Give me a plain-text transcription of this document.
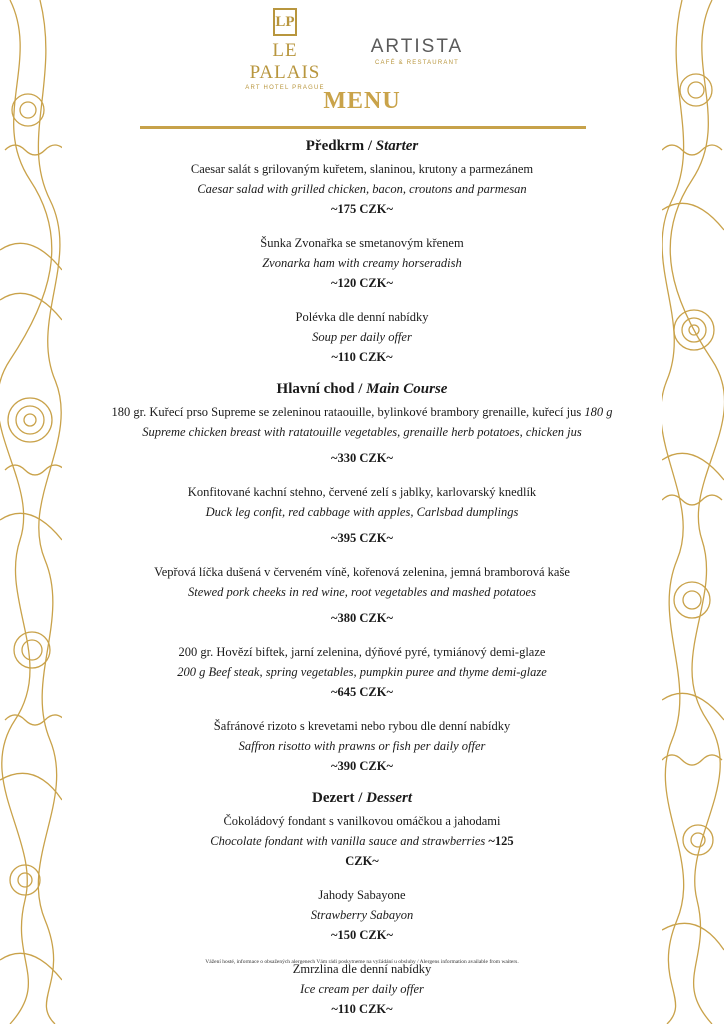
LP
LE PALAIS
ART HOTEL PRAGUE
ARTISTA
CAFÉ & RESTAURANT
MENU
Předkrm / Starter
Caesar salát s grilovaným kuřetem, slaninou, krutony a parmezánem
Caesar salad with grilled chicken, bacon, croutons and parmesan
~175 CZK~
Šunka Zvonařka se smetanovým křenem
Zvonarka ham with creamy horseradish
~120 CZK~
Polévka dle denní nabídky
Soup per daily offer
~110 CZK~
Hlavní chod / Main Course
180 gr. Kuřecí prso Supreme se zeleninou rataouille, bylinkové brambory grenaille, kuřecí jus 180 g
Supreme chicken breast with ratatouille vegetables, grenaille herb potatoes, chicken jus
~330 CZK~
Konfitované kachní stehno, červené zelí s jablky, karlovarský knedlík
Duck leg confit, red cabbage with apples, Carlsbad dumplings
~395 CZK~
Vepřová líčka dušená v červeném víně, kořenová zelenina, jemná bramborová kaše
Stewed pork cheeks in red wine, root vegetables and mashed potatoes
~380 CZK~
200 gr. Hovězí biftek, jarní zelenina, dýňové pyré, tymiánový demi-glaze
200 g Beef steak, spring vegetables, pumpkin puree and thyme demi-glaze
~645 CZK~
Šafránové rizoto s krevetami nebo rybou dle denní nabídky
Saffron risotto with prawns or fish per daily offer
~390 CZK~
Dezert / Dessert
Čokoládový fondant s vanilkovou omáčkou a jahodami
Chocolate fondant with vanilla sauce and strawberries ~125
CZK~
Jahody Sabayone
Strawberry Sabayon
~150 CZK~
Zmrzlina dle denní nabídky
Ice cream per daily offer
~110 CZK~
Vážení hosté, informace o obsažených alergenech Vám rádi poskytneme na vyžádání u obsluhy / Alergens information available from waiters.
